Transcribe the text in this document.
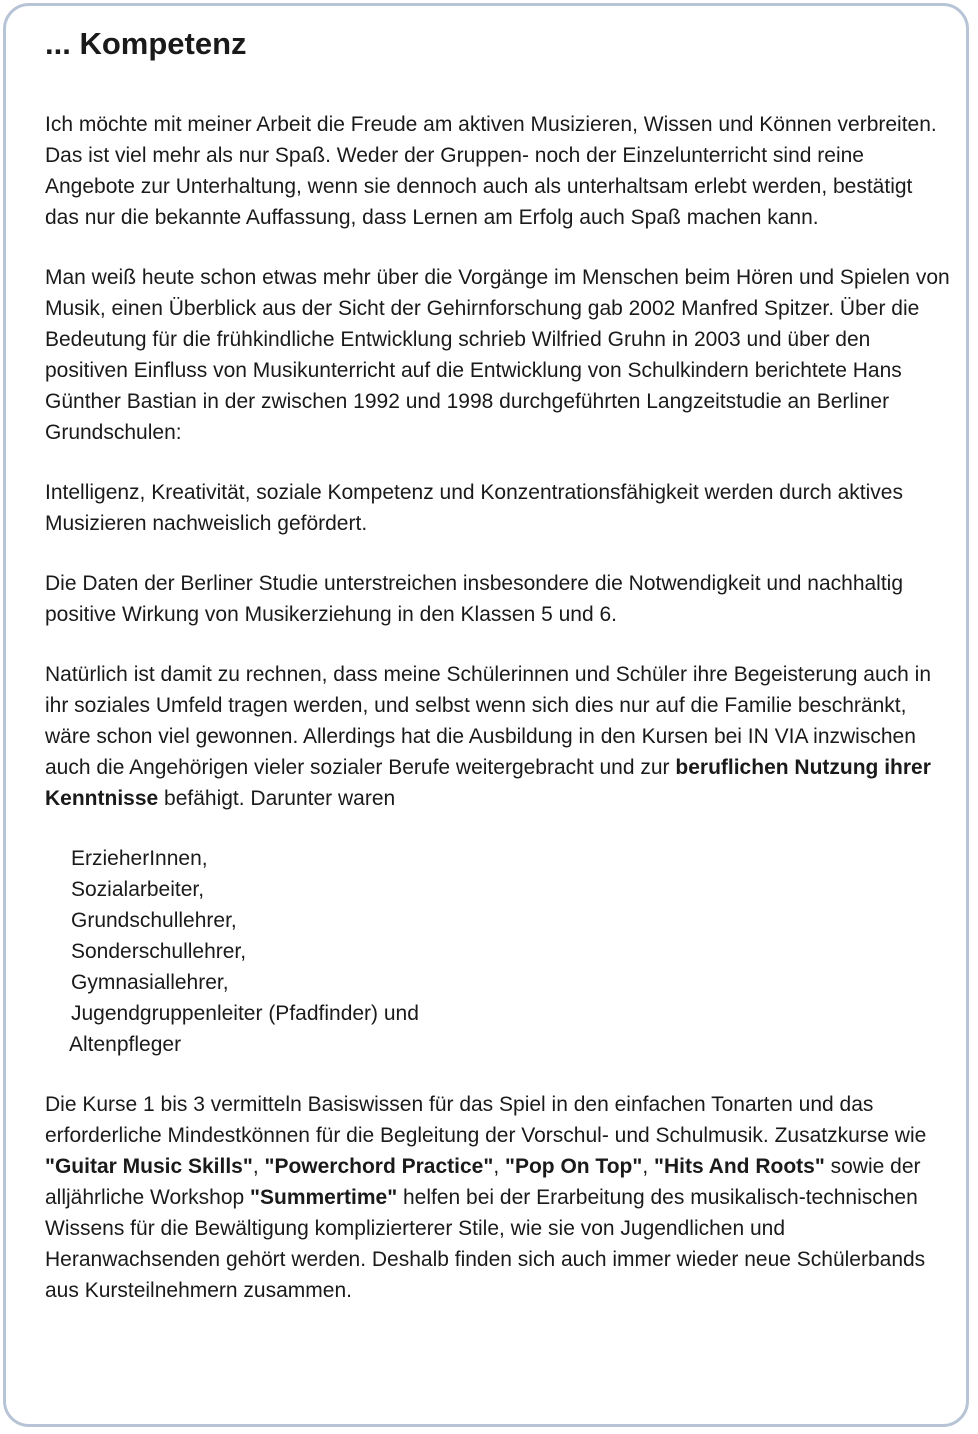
... Kompetenz

Ich möchte mit meiner Arbeit die Freude am aktiven Musizieren, Wissen und Können verbreiten. Das ist viel mehr als nur Spaß. Weder der Gruppen- noch der Einzelunterricht sind reine Angebote zur Unterhaltung, wenn sie dennoch auch als unterhaltsam erlebt werden, bestätigt das nur die bekannte Auffassung, dass Lernen am Erfolg auch Spaß machen kann.

Man weiß heute schon etwas mehr über die Vorgänge im Menschen beim Hören und Spielen von Musik, einen Überblick aus der Sicht der Gehirnforschung gab 2002 Manfred Spitzer. Über die Bedeutung für die frühkindliche Entwicklung schrieb Wilfried Gruhn in 2003 und über den positiven Einfluss von Musikunterricht auf die Entwicklung von Schulkindern berichtete Hans Günther Bastian in der zwischen 1992 und 1998 durchgeführten Langzeitstudie an Berliner Grundschulen:

Intelligenz, Kreativität, soziale Kompetenz und Konzentrationsfähigkeit werden durch aktives Musizieren nachweislich gefördert.

Die Daten der Berliner Studie unterstreichen insbesondere die Notwendigkeit und nachhaltig positive Wirkung von Musikerziehung in den Klassen 5 und 6.

Natürlich ist damit zu rechnen, dass meine Schülerinnen und Schüler ihre Begeisterung auch in ihr soziales Umfeld tragen werden, und selbst wenn sich dies nur auf die Familie beschränkt, wäre schon viel gewonnen. Allerdings hat die Ausbildung in den Kursen bei IN VIA inzwischen auch die Angehörigen vieler sozialer Berufe weitergebracht und zur beruflichen Nutzung ihrer Kenntnisse befähigt. Darunter waren

ErzieherInnen,
Sozialarbeiter,
Grundschullehrer,
Sonderschullehrer,
Gymnasiallehrer,
Jugendgruppenleiter (Pfadfinder) und
Altenpfleger

Die Kurse 1 bis 3 vermitteln Basiswissen für das Spiel in den einfachen Tonarten und das erforderliche Mindestkönnen für die Begleitung der Vorschul- und Schulmusik. Zusatzkurse wie "Guitar Music Skills", "Powerchord Practice", "Pop On Top", "Hits And Roots" sowie der alljährliche Workshop "Summertime" helfen bei der Erarbeitung des musikalisch-technischen Wissens für die Bewältigung komplizierterer Stile, wie sie von Jugendlichen und Heranwachsenden gehört werden. Deshalb finden sich auch immer wieder neue Schülerbands aus Kursteilnehmern zusammen.
